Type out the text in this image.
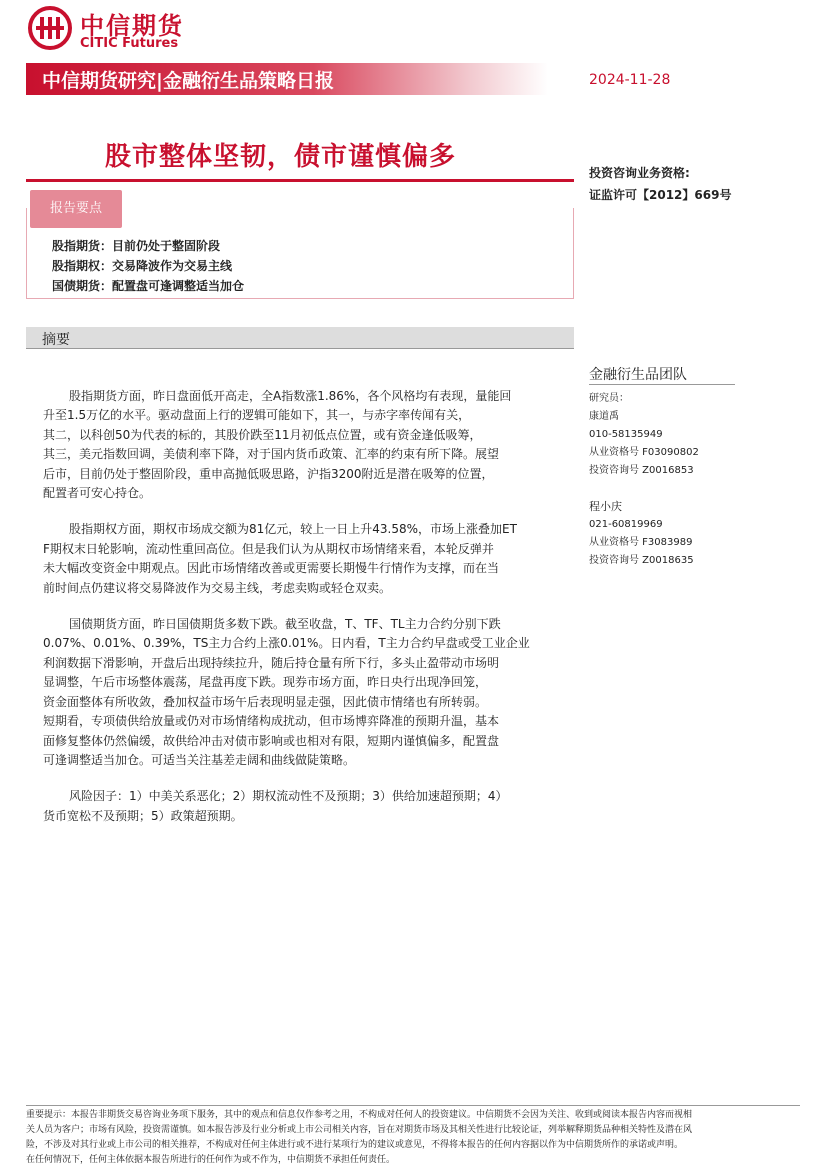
中信期货
CITIC Futures
中信期货研究|金融衍生品策略日报	2024-11-28
股市整体坚韧，债市谨慎偏多
投资咨询业务资格:
证监许可【2012】669号
报告要点
股指期货：目前仍处于整固阶段
股指期权：交易降波作为交易主线
国债期货：配置盘可逢调整适当加仓
摘要

股指期货方面，昨日盘面低开高走，全A指数涨1.86%，各个风格均有表现，量能回
升至1.5万亿的水平。驱动盘面上行的逻辑可能如下，其一，与赤字率传闻有关，
其二，以科创50为代表的标的，其股价跌至11月初低点位置，或有资金逢低吸筹，
其三，美元指数回调，美债利率下降，对于国内货币政策、汇率的约束有所下降。展望
后市，目前仍处于整固阶段，重申高抛低吸思路，沪指3200附近是潜在吸筹的位置，
配置者可安心持仓。

股指期权方面，期权市场成交额为81亿元，较上一日上升43.58%，市场上涨叠加ET
F期权末日轮影响，流动性重回高位。但是我们认为从期权市场情绪来看，本轮反弹并
未大幅改变资金中期观点。因此市场情绪改善或更需要长期慢牛行情作为支撑，而在当
前时间点仍建议将交易降波作为交易主线，考虑卖购或轻仓双卖。

国债期货方面，昨日国债期货多数下跌。截至收盘，T、TF、TL主力合约分别下跌
0.07%、0.01%、0.39%，TS主力合约上涨0.01%。日内看，T主力合约早盘或受工业企业
利润数据下滑影响，开盘后出现持续拉升，随后持仓量有所下行，多头止盈带动市场明
显调整，午后市场整体震荡，尾盘再度下跌。现券市场方面，昨日央行出现净回笼，
资金面整体有所收敛，叠加权益市场午后表现明显走强，因此债市情绪也有所转弱。
短期看，专项债供给放量或仍对市场情绪构成扰动，但市场博弈降准的预期升温，基本
面修复整体仍然偏缓，故供给冲击对债市影响或也相对有限，短期内谨慎偏多，配置盘
可逢调整适当加仓。可适当关注基差走阔和曲线做陡策略。

风险因子：1）中美关系恶化；2）期权流动性不及预期；3）供给加速超预期；4）
货币宽松不及预期；5）政策超预期。

金融衍生品团队
研究员：
康道禹
010-58135949
从业资格号 F03090802
投资咨询号 Z0016853
程小庆
021-60819969
从业资格号 F3083989
投资咨询号 Z0018635
重要提示：本报告非期货交易咨询业务项下服务，其中的观点和信息仅作参考之用，不构成对任何人的投资建议。中信期货不会因为关注、收到或阅读本报告内容而视相
关人员为客户；市场有风险，投资需谨慎。如本报告涉及行业分析或上市公司相关内容，旨在对期货市场及其相关性进行比较论证，列举解释期货品种相关特性及潜在风
险，不涉及对其行业或上市公司的相关推荐，不构成对任何主体进行或不进行某项行为的建议或意见，不得将本报告的任何内容据以作为中信期货所作的承诺或声明。
在任何情况下，任何主体依据本报告所进行的任何作为或不作为，中信期货不承担任何责任。
